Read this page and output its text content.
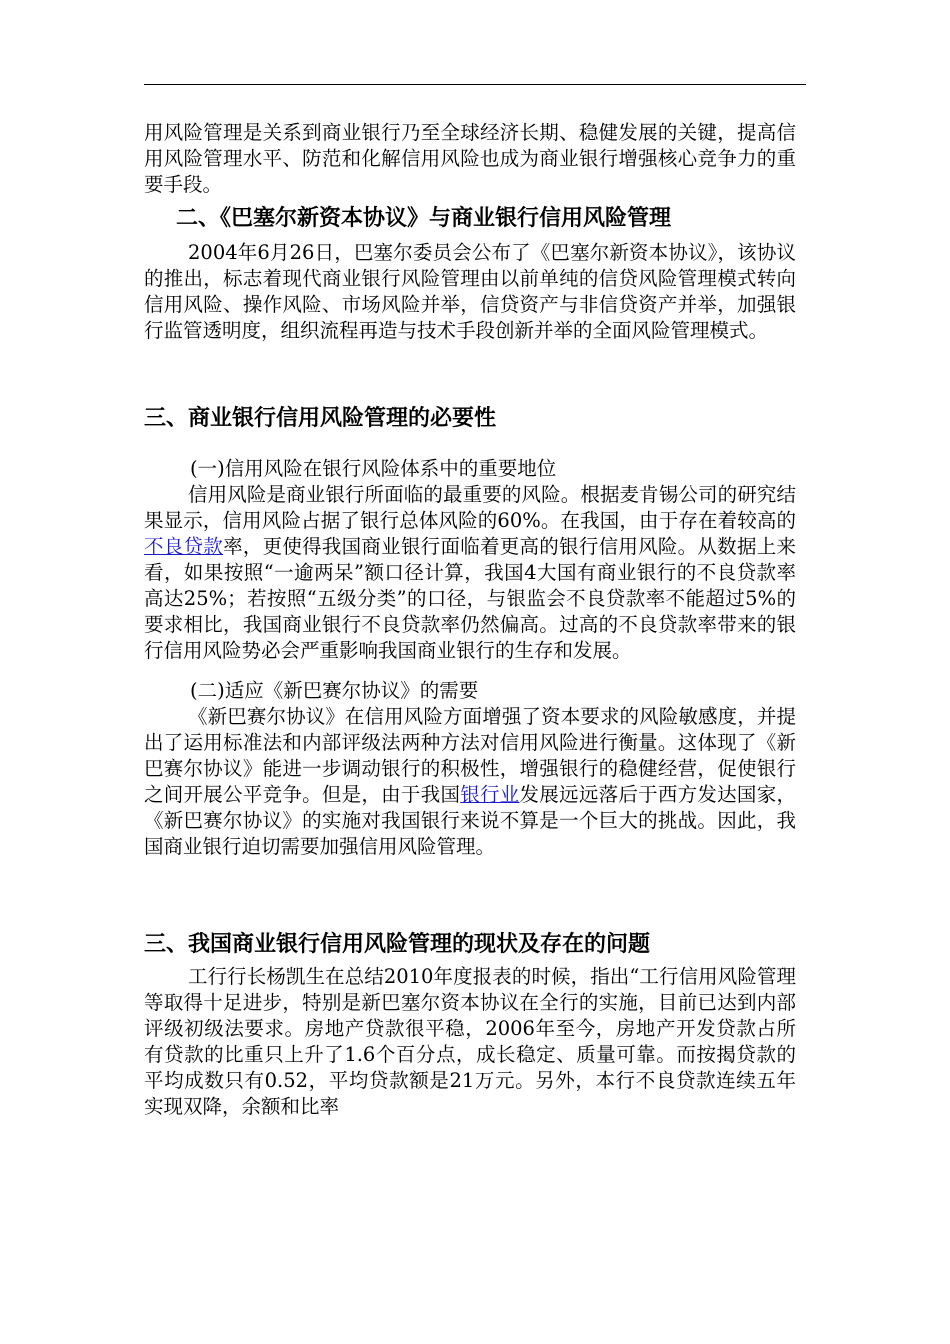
用风险管理是关系到商业银行乃至全球经济长期、稳健发展的关键，提高信用风险管理水平、防范和化解信用风险也成为商业银行增强核心竞争力的重要手段。

二、《巴塞尔新资本协议》与商业银行信用风险管理

2004年6月26日，巴塞尔委员会公布了《巴塞尔新资本协议》，该协议的推出，标志着现代商业银行风险管理由以前单纯的信贷风险管理模式转向信用风险、操作风险、市场风险并举，信贷资产与非信贷资产并举，加强银行监管透明度，组织流程再造与技术手段创新并举的全面风险管理模式。

三、商业银行信用风险管理的必要性

(一)信用风险在银行风险体系中的重要地位

信用风险是商业银行所面临的最重要的风险。根据麦肯锡公司的研究结果显示，信用风险占据了银行总体风险的60%。在我国，由于存在着较高的不良贷款率，更使得我国商业银行面临着更高的银行信用风险。从数据上来看，如果按照“一逾两呆”额口径计算，我国4大国有商业银行的不良贷款率高达25%；若按照“五级分类”的口径，与银监会不良贷款率不能超过5%的要求相比，我国商业银行不良贷款率仍然偏高。过高的不良贷款率带来的银行信用风险势必会严重影响我国商业银行的生存和发展。

(二)适应《新巴赛尔协议》的需要

《新巴赛尔协议》在信用风险方面增强了资本要求的风险敏感度，并提出了运用标准法和内部评级法两种方法对信用风险进行衡量。这体现了《新巴赛尔协议》能进一步调动银行的积极性，增强银行的稳健经营，促使银行之间开展公平竞争。但是，由于我国银行业发展远远落后于西方发达国家，《新巴赛尔协议》的实施对我国银行来说不算是一个巨大的挑战。因此，我国商业银行迫切需要加强信用风险管理。

三、我国商业银行信用风险管理的现状及存在的问题

工行行长杨凯生在总结2010年度报表的时候，指出“工行信用风险管理等取得十足进步，特别是新巴塞尔资本协议在全行的实施，目前已达到内部评级初级法要求。房地产贷款很平稳，2006年至今，房地产开发贷款占所有贷款的比重只上升了1.6个百分点，成长稳定、质量可靠。而按揭贷款的平均成数只有0.52，平均贷款额是21万元。另外，本行不良贷款连续五年实现双降，余额和比率
